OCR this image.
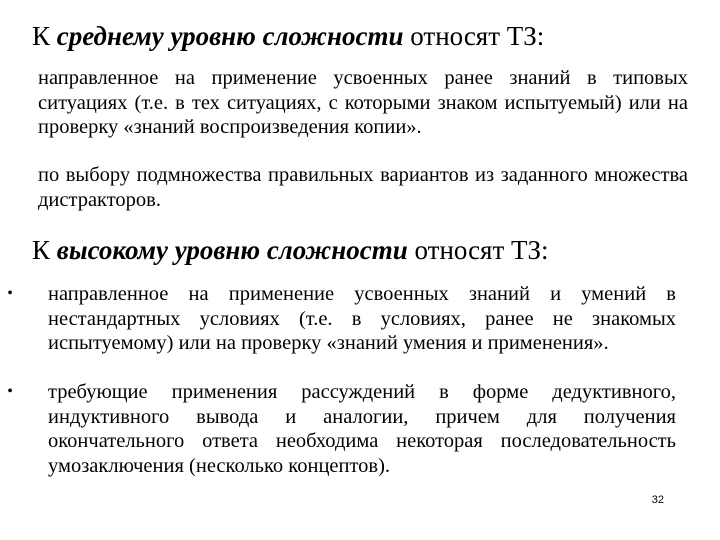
К среднему уровню сложности относят ТЗ:

направленное на применение усвоенных ранее знаний в типовых ситуациях (т.е. в тех ситуациях, с которыми знаком испытуемый) или на проверку «знаний воспроизведения копии».

по выбору подмножества правильных вариантов из заданного множества дистракторов.

К высокому уровню сложности относят ТЗ:
• направленное на применение усвоенных знаний и умений в нестандартных условиях (т.е. в условиях, ранее не знакомых испытуемому) или на проверку «знаний умения и применения».

• требующие применения рассуждений в форме дедуктивного, индуктивного вывода и аналогии, причем для получения окончательного ответа необходима некоторая последовательность умозаключения (несколько концептов).

32
